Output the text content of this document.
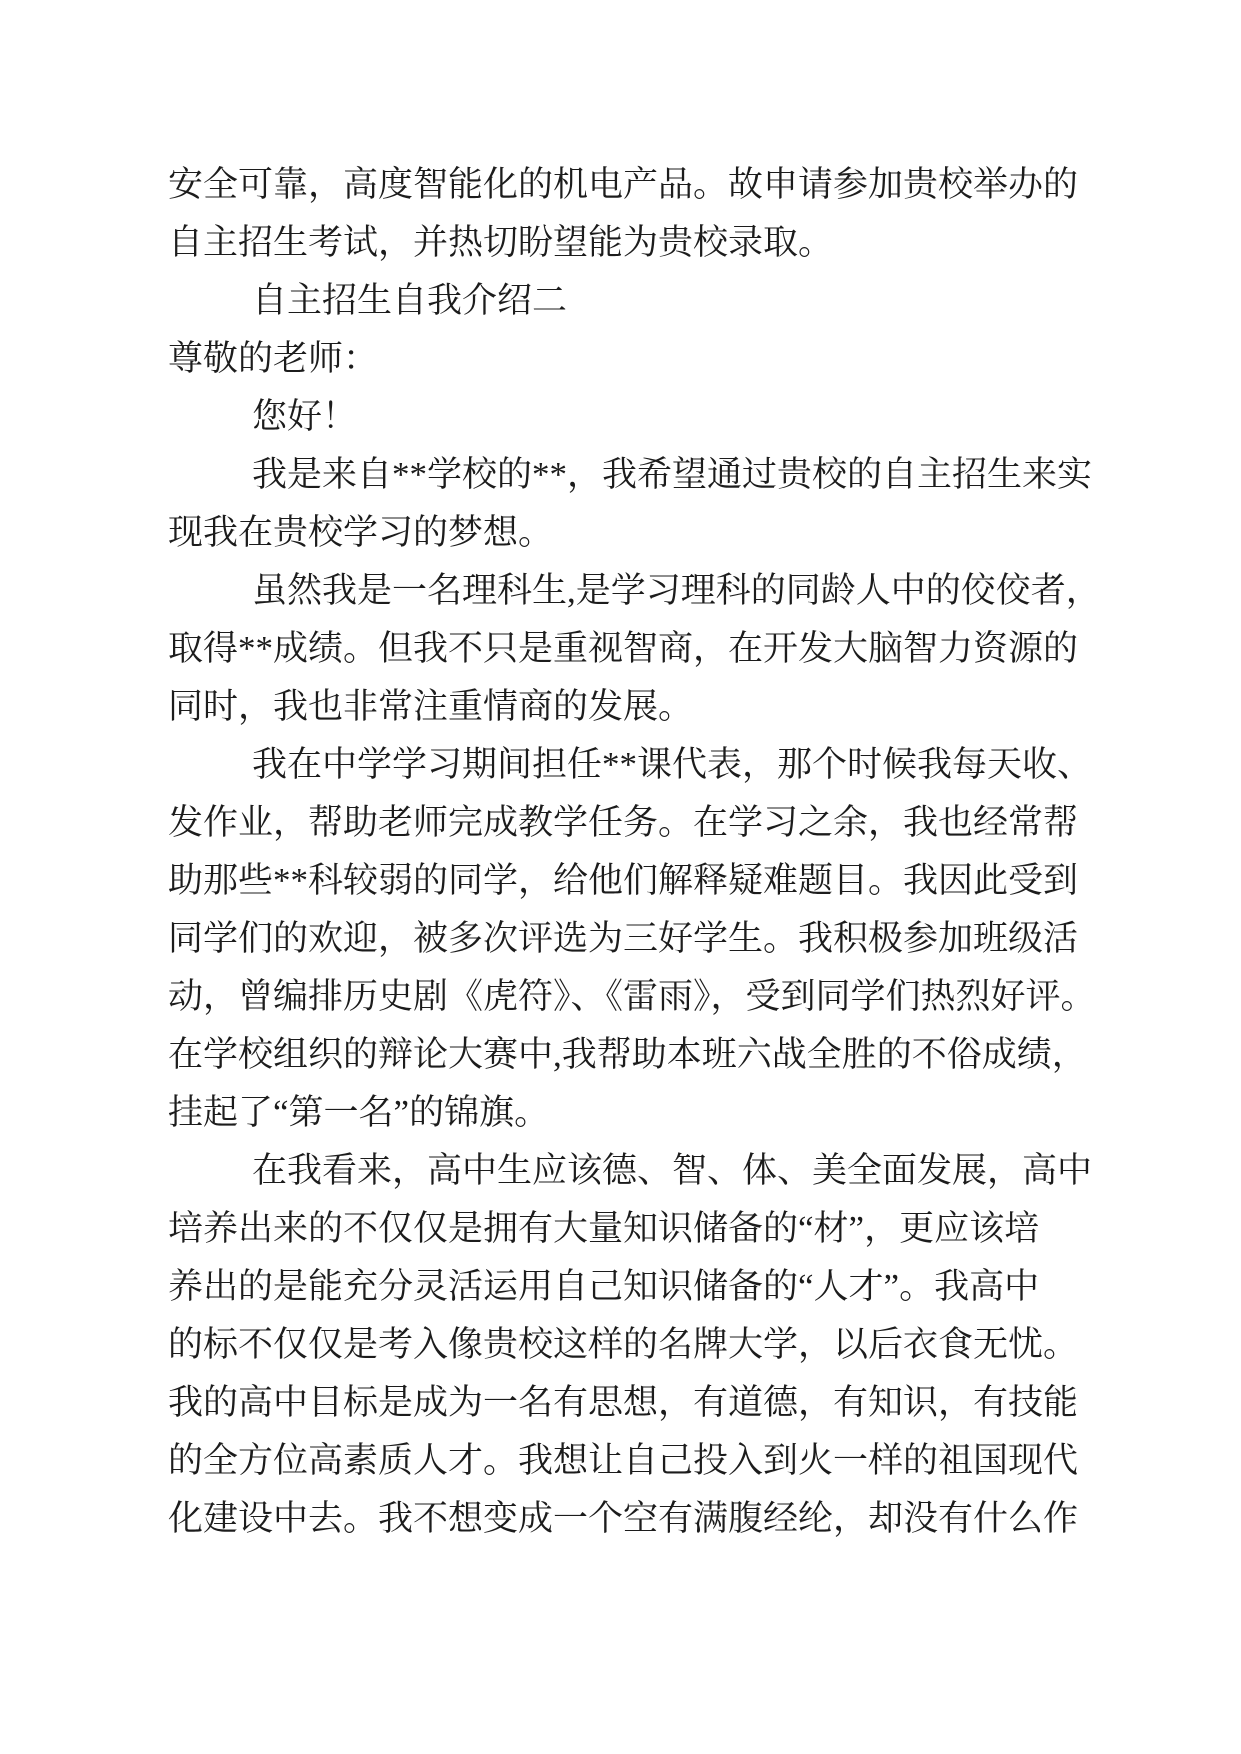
安全可靠，高度智能化的机电产品。故申请参加贵校举办的
自主招生考试，并热切盼望能为贵校录取。
自主招生自我介绍二
尊敬的老师：
您好！
我是来自**学校的**，我希望通过贵校的自主招生来实
现我在贵校学习的梦想。
虽然我是一名理科生,是学习理科的同龄人中的佼佼者，
取得**成绩。但我不只是重视智商，在开发大脑智力资源的
同时，我也非常注重情商的发展。
我在中学学习期间担任**课代表，那个时候我每天收、
发作业，帮助老师完成教学任务。在学习之余，我也经常帮
助那些**科较弱的同学，给他们解释疑难题目。我因此受到
同学们的欢迎，被多次评选为三好学生。我积极参加班级活
动，曾编排历史剧《虎符》、《雷雨》，受到同学们热烈好评。
在学校组织的辩论大赛中,我帮助本班六战全胜的不俗成绩，
挂起了“第一名”的锦旗。
在我看来，高中生应该德、智、体、美全面发展，高中
培养出来的不仅仅是拥有大量知识储备的“材”，更应该培
养出的是能充分灵活运用自己知识储备的“人才”。我高中
的标不仅仅是考入像贵校这样的名牌大学，以后衣食无忧。
我的高中目标是成为一名有思想，有道德，有知识，有技能
的全方位高素质人才。我想让自己投入到火一样的祖国现代
化建设中去。我不想变成一个空有满腹经纶，却没有什么作
